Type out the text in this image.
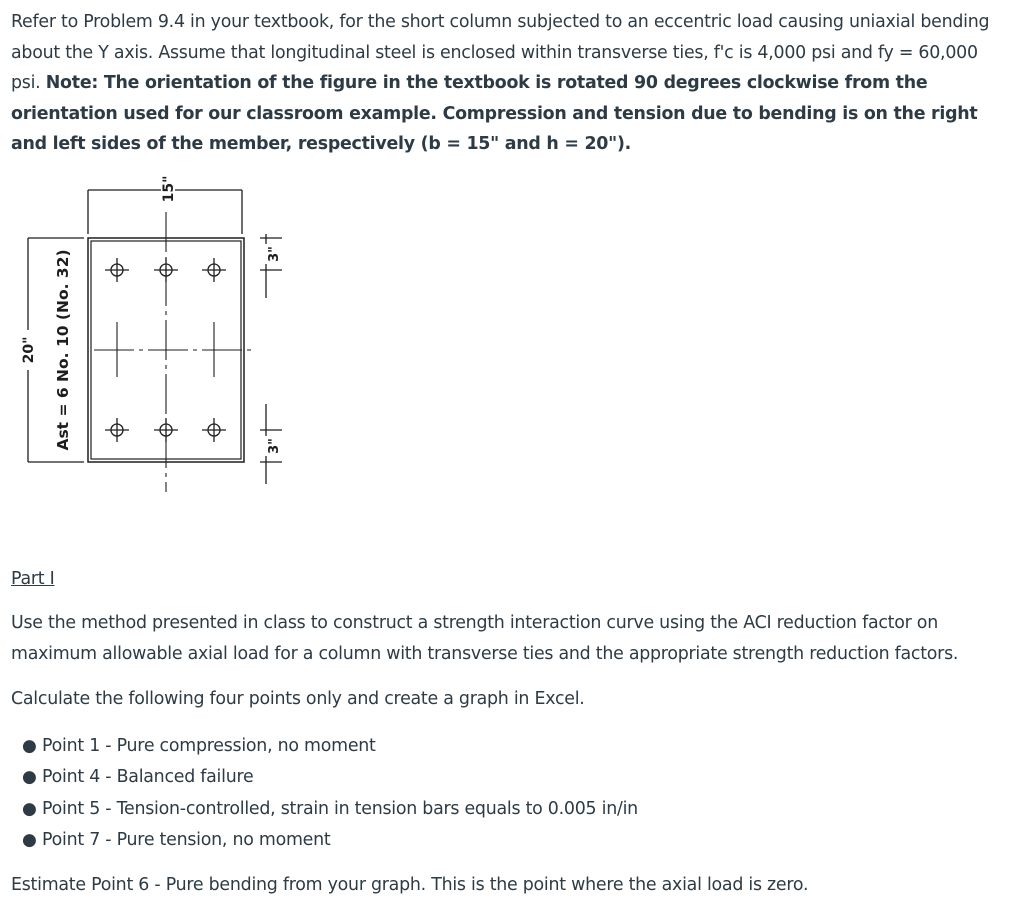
Refer to Problem 9.4 in your textbook, for the short column subjected to an eccentric load causing uniaxial bending about the Y axis. Assume that longitudinal steel is enclosed within transverse ties, f'c is 4,000 psi and fy = 60,000 psi. Note: The orientation of the figure in the textbook is rotated 90 degrees clockwise from the orientation used for our classroom example. Compression and tension due to bending is on the right and left sides of the member, respectively (b = 15" and h = 20").

15"
20" Ast = 6 No. 10 (No. 32)	3"
3"

Part I

Use the method presented in class to construct a strength interaction curve using the ACI reduction factor on maximum allowable axial load for a column with transverse ties and the appropriate strength reduction factors.

Calculate the following four points only and create a graph in Excel.

● Point 1 - Pure compression, no moment
● Point 4 - Balanced failure
● Point 5 - Tension-controlled, strain in tension bars equals to 0.005 in/in
● Point 7 - Pure tension, no moment

Estimate Point 6 - Pure bending from your graph. This is the point where the axial load is zero.
